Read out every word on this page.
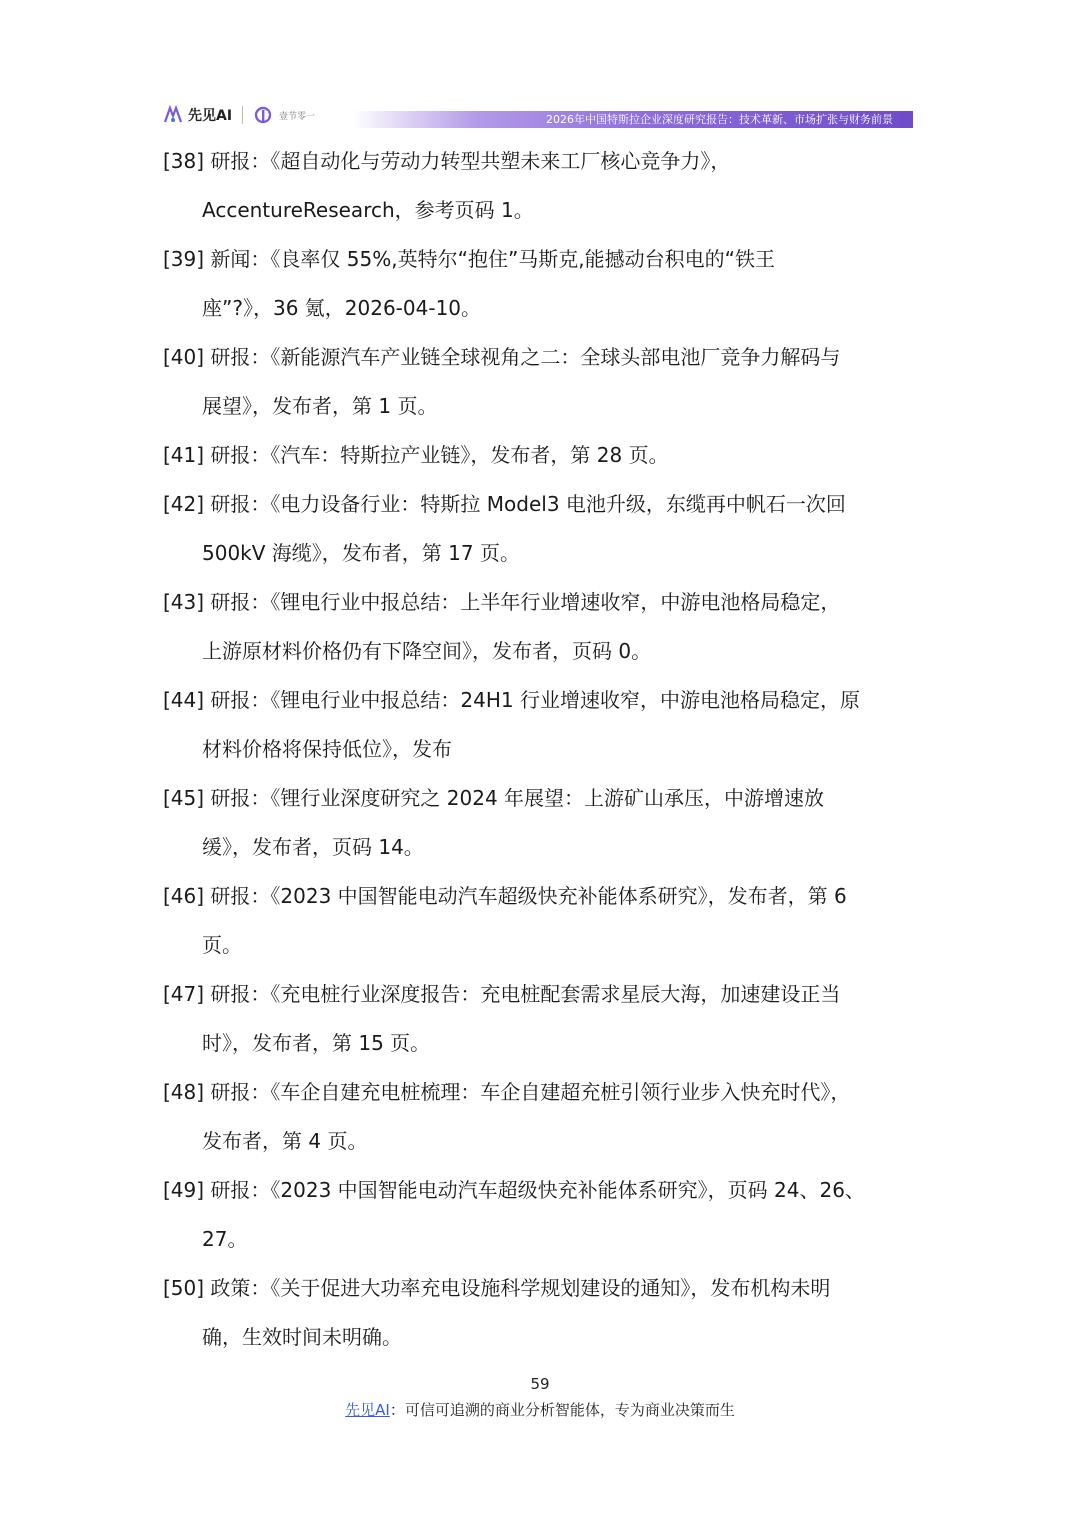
先见AI	壹节零一	2026年中国特斯拉企业深度研究报告：技术革新、市场扩张与财务前景
[38] 研报：《超自动化与劳动力转型共塑未来工厂核心竞争力》，
AccentureResearch，参考页码 1。
[39] 新闻：《良率仅 55%,英特尔“抱住”马斯克,能撼动台积电的“铁王
座”?》，36 氪，2026-04-10。
[40] 研报：《新能源汽车产业链全球视角之二：全球头部电池厂竞争力解码与
展望》，发布者，第 1 页。
[41] 研报：《汽车：特斯拉产业链》，发布者，第 28 页。
[42] 研报：《电力设备行业：特斯拉 Model3 电池升级，东缆再中帆石一次回
500kV 海缆》，发布者，第 17 页。
[43] 研报：《锂电行业中报总结：上半年行业增速收窄，中游电池格局稳定，
上游原材料价格仍有下降空间》，发布者，页码 0。
[44] 研报：《锂电行业中报总结：24H1 行业增速收窄，中游电池格局稳定，原
材料价格将保持低位》，发布
[45] 研报：《锂行业深度研究之 2024 年展望：上游矿山承压，中游增速放
缓》，发布者，页码 14。
[46] 研报：《2023 中国智能电动汽车超级快充补能体系研究》，发布者，第 6
页。
[47] 研报：《充电桩行业深度报告：充电桩配套需求星辰大海，加速建设正当
时》，发布者，第 15 页。
[48] 研报：《车企自建充电桩梳理：车企自建超充桩引领行业步入快充时代》，
发布者，第 4 页。
[49] 研报：《2023 中国智能电动汽车超级快充补能体系研究》，页码 24、26、
27。
[50] 政策：《关于促进大功率充电设施科学规划建设的通知》，发布机构未明
确，生效时间未明确。
59
先见AI：可信可追溯的商业分析智能体，专为商业决策而生
